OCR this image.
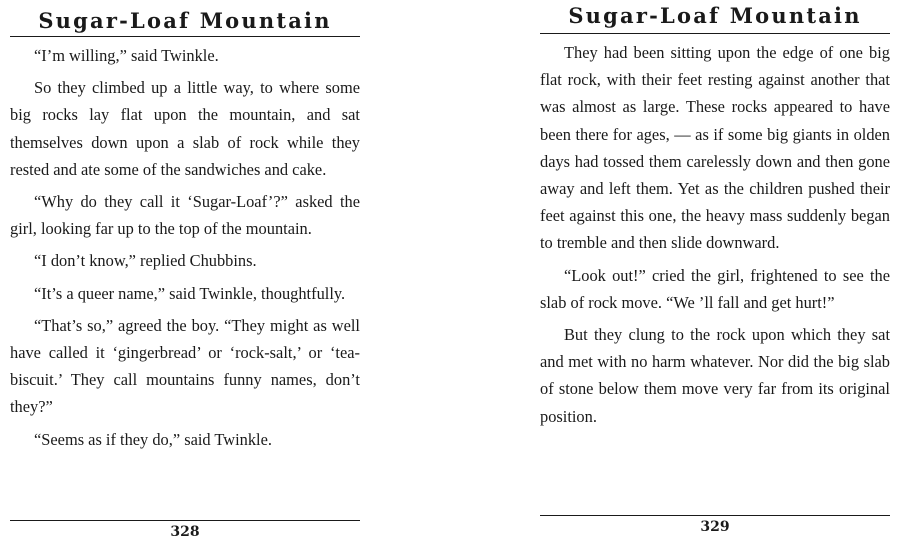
Sugar-Loaf Mountain

“I’m willing,” said Twinkle.

So they climbed up a little way, to where some big rocks lay flat upon the mountain, and sat themselves down upon a slab of rock while they rested and ate some of the sandwiches and cake.

“Why do they call it ‘Sugar-Loaf’?” asked the girl, looking far up to the top of the mountain.

“I don’t know,” replied Chubbins.

“It’s a queer name,” said Twinkle, thoughtfully.

“That’s so,” agreed the boy. “They might as well have called it ‘gingerbread’ or ‘rock-salt,’ or ‘tea-biscuit.’ They call mountains funny names, don’t they?”

“Seems as if they do,” said Twinkle.

328
Sugar-Loaf Mountain

They had been sitting upon the edge of one big flat rock, with their feet resting against another that was almost as large. These rocks appeared to have been there for ages, — as if some big giants in olden days had tossed them carelessly down and then gone away and left them. Yet as the children pushed their feet against this one, the heavy mass suddenly began to tremble and then slide downward.

“Look out!” cried the girl, frightened to see the slab of rock move. “We ’ll fall and get hurt!”

But they clung to the rock upon which they sat and met with no harm whatever. Nor did the big slab of stone below them move very far from its original position.

329
